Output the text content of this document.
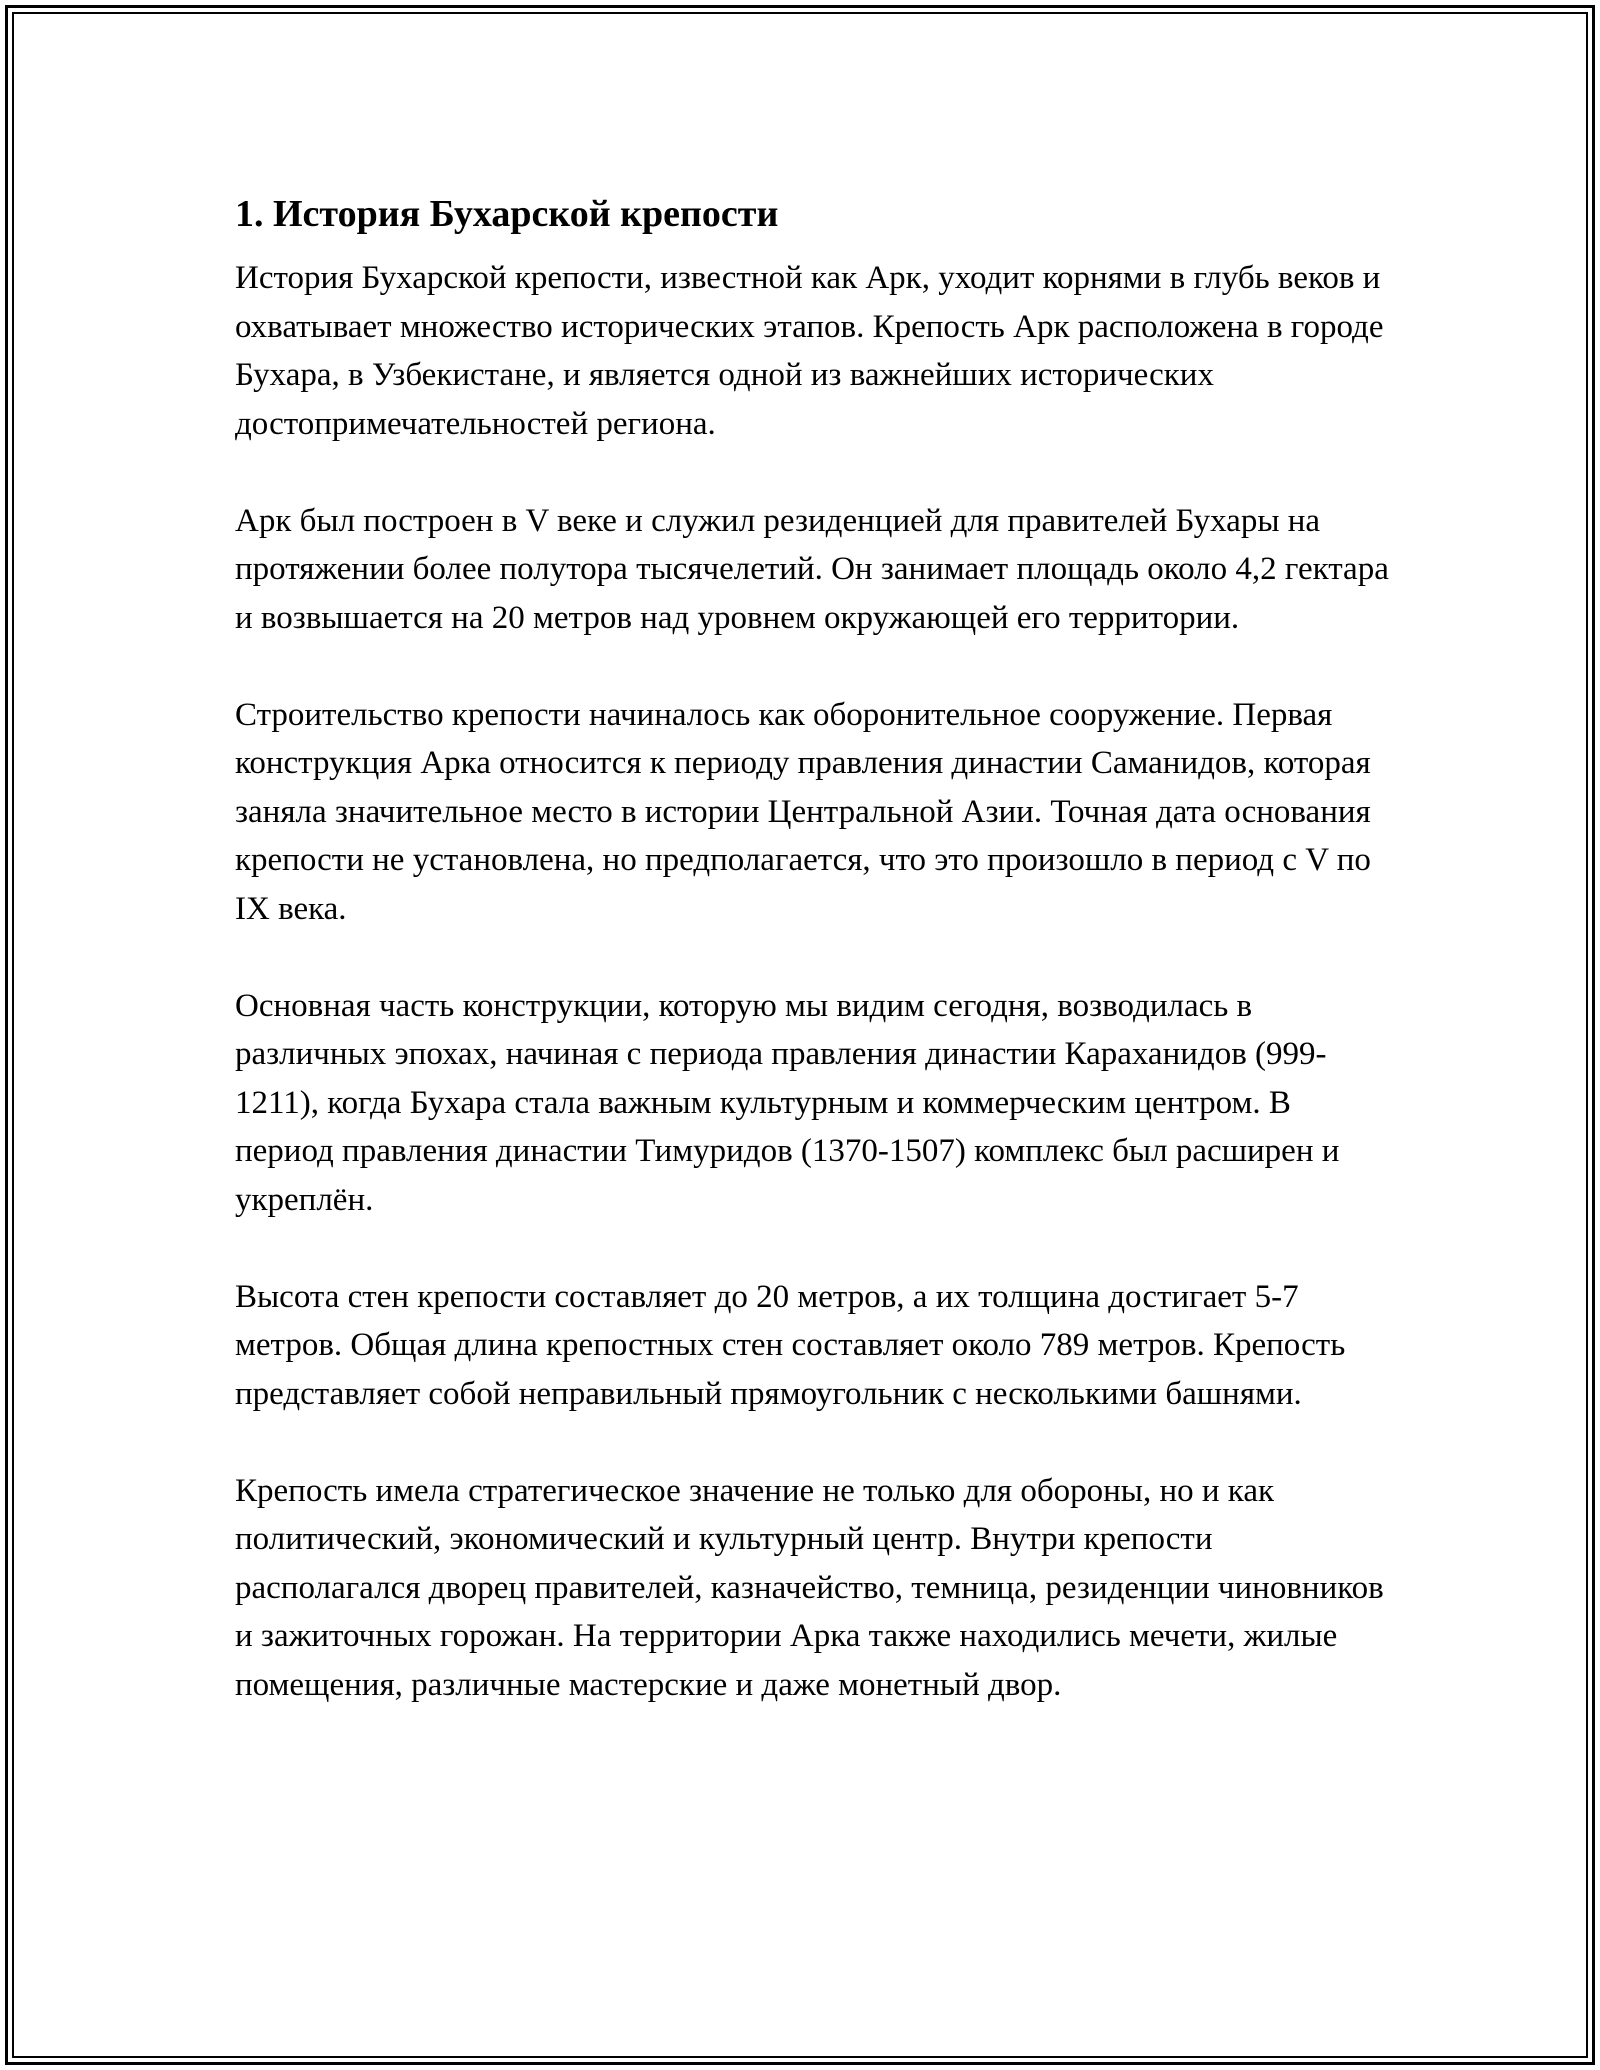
1. История Бухарской крепости

История Бухарской крепости, известной как Арк, уходит корнями в глубь веков и охватывает множество исторических этапов. Крепость Арк расположена в городе Бухара, в Узбекистане, и является одной из важнейших исторических достопримечательностей региона.

Арк был построен в V веке и служил резиденцией для правителей Бухары на протяжении более полутора тысячелетий. Он занимает площадь около 4,2 гектара и возвышается на 20 метров над уровнем окружающей его территории.

Строительство крепости начиналось как оборонительное сооружение. Первая конструкция Арка относится к периоду правления династии Саманидов, которая заняла значительное место в истории Центральной Азии. Точная дата основания крепости не установлена, но предполагается, что это произошло в период с V по IX века.

Основная часть конструкции, которую мы видим сегодня, возводилась в различных эпохах, начиная с периода правления династии Караханидов (999-1211), когда Бухара стала важным культурным и коммерческим центром. В период правления династии Тимуридов (1370-1507) комплекс был расширен и укреплён.

Высота стен крепости составляет до 20 метров, а их толщина достигает 5-7 метров. Общая длина крепостных стен составляет около 789 метров. Крепость представляет собой неправильный прямоугольник с несколькими башнями.

Крепость имела стратегическое значение не только для обороны, но и как политический, экономический и культурный центр. Внутри крепости располагался дворец правителей, казначейство, темница, резиденции чиновников и зажиточных горожан. На территории Арка также находились мечети, жилые помещения, различные мастерские и даже монетный двор.
